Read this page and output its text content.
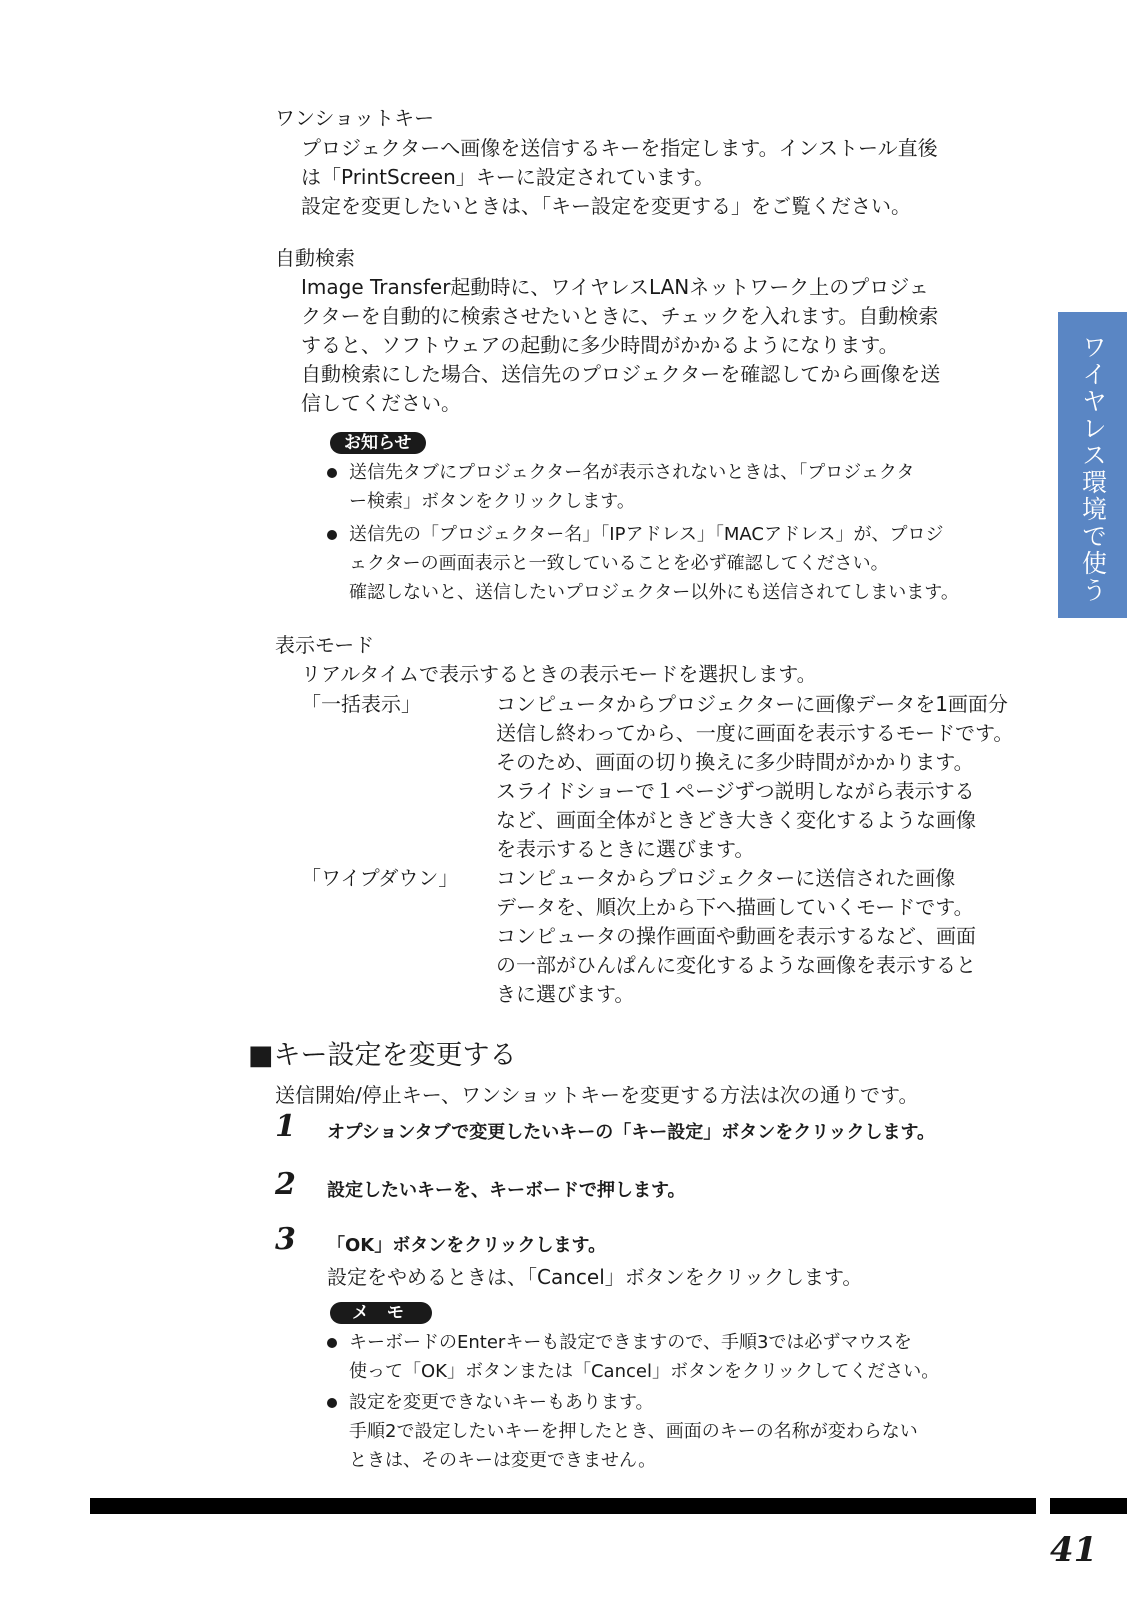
ワイヤレス環境で使う
ワンショットキー

プロジェクターへ画像を送信するキーを指定します。インストール直後

は「PrintScreen」キーに設定されています。

設定を変更したいときは、「キー設定を変更する」をご覧ください。

自動検索

Image Transfer起動時に、ワイヤレスLANネットワーク上のプロジェ

クターを自動的に検索させたいときに、チェックを入れます。自動検索

すると、ソフトウェアの起動に多少時間がかかるようになります。

自動検索にした場合、送信先のプロジェクターを確認してから画像を送

信してください。

お知らせ

送信先タブにプロジェクター名が表示されないときは、「プロジェクタ

ー検索」ボタンをクリックします。

送信先の「プロジェクター名」「IPアドレス」「MACアドレス」が、プロジ

ェクターの画面表示と一致していることを必ず確認してください。

確認しないと、送信したいプロジェクター以外にも送信されてしまいます。

表示モード
リアルタイムで表示するときの表示モードを選択します。
「一括表示」	コンピュータからプロジェクターに画像データを1画面分

送信し終わってから、一度に画面を表示するモードです。

そのため、画面の切り換えに多少時間がかかります。

スライドショーで１ページずつ説明しながら表示する

など、画面全体がときどき大きく変化するような画像

を表示するときに選びます。

「ワイプダウン」	コンピュータからプロジェクターに送信された画像

データを、順次上から下へ描画していくモードです。

コンピュータの操作画面や動画を表示するなど、画面

の一部がひんぱんに変化するような画像を表示すると

きに選びます。

■キー設定を変更する
送信開始/停止キー、ワンショットキーを変更する方法は次の通りです。
1 オプションタブで変更したいキーの「キー設定」ボタンをクリックします。
2 設定したいキーを、キーボードで押します。
3 「OK」ボタンをクリックします。
設定をやめるときは、「Cancel」ボタンをクリックします。
メ モ

キーボードのEnterキーも設定できますので、手順3では必ずマウスを

使って「OK」ボタンまたは「Cancel」ボタンをクリックしてください。

設定を変更できないキーもあります。

手順2で設定したいキーを押したとき、画面のキーの名称が変わらない

ときは、そのキーは変更できません。

41
